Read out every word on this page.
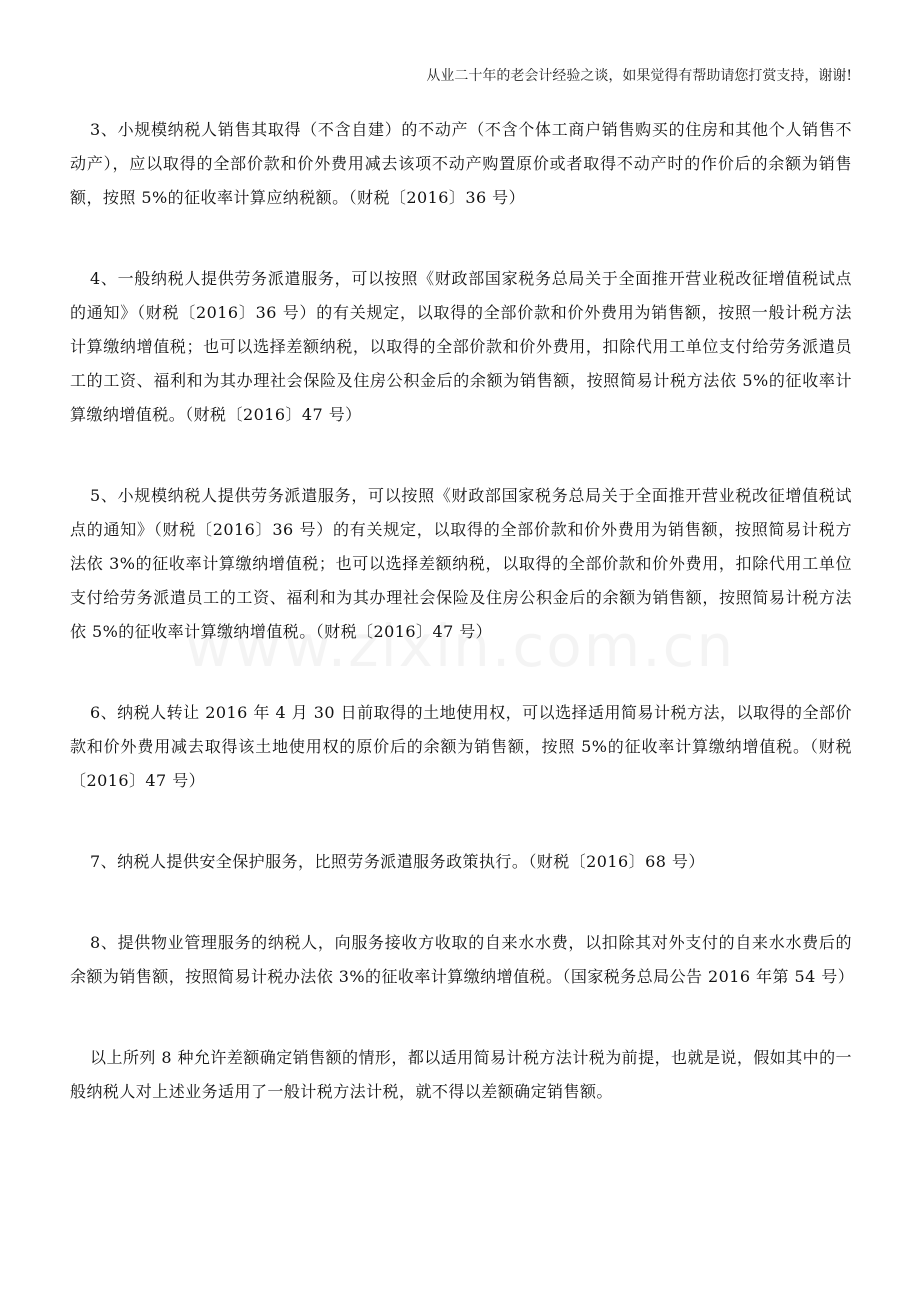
从业二十年的老会计经验之谈，如果觉得有帮助请您打赏支持，谢谢!

3、小规模纳税人销售其取得（不含自建）的不动产（不含个体工商户销售购买的住房和其他个人销售不动产），应以取得的全部价款和价外费用减去该项不动产购置原价或者取得不动产时的作价后的余额为销售额，按照 5%的征收率计算应纳税额。（财税〔2016〕36 号）

4、一般纳税人提供劳务派遣服务，可以按照《财政部国家税务总局关于全面推开营业税改征增值税试点的通知》（财税〔2016〕36 号）的有关规定，以取得的全部价款和价外费用为销售额，按照一般计税方法计算缴纳增值税；也可以选择差额纳税，以取得的全部价款和价外费用，扣除代用工单位支付给劳务派遣员工的工资、福利和为其办理社会保险及住房公积金后的余额为销售额，按照简易计税方法依 5%的征收率计算缴纳增值税。（财税〔2016〕47 号）

5、小规模纳税人提供劳务派遣服务，可以按照《财政部国家税务总局关于全面推开营业税改征增值税试点的通知》（财税〔2016〕36 号）的有关规定，以取得的全部价款和价外费用为销售额，按照简易计税方法依 3%的征收率计算缴纳增值税；也可以选择差额纳税，以取得的全部价款和价外费用，扣除代用工单位支付给劳务派遣员工的工资、福利和为其办理社会保险及住房公积金后的余额为销售额，按照简易计税方法依 5%的征收率计算缴纳增值税。（财税〔2016〕47 号）

6、纳税人转让 2016 年 4 月 30 日前取得的土地使用权，可以选择适用简易计税方法，以取得的全部价款和价外费用减去取得该土地使用权的原价后的余额为销售额，按照 5%的征收率计算缴纳增值税。（财税〔2016〕47 号）

7、纳税人提供安全保护服务，比照劳务派遣服务政策执行。（财税〔2016〕68 号）

8、提供物业管理服务的纳税人，向服务接收方收取的自来水水费，以扣除其对外支付的自来水水费后的余额为销售额，按照简易计税办法依 3%的征收率计算缴纳增值税。（国家税务总局公告 2016 年第 54 号）

以上所列 8 种允许差额确定销售额的情形，都以适用简易计税方法计税为前提，也就是说，假如其中的一般纳税人对上述业务适用了一般计税方法计税，就不得以差额确定销售额。
